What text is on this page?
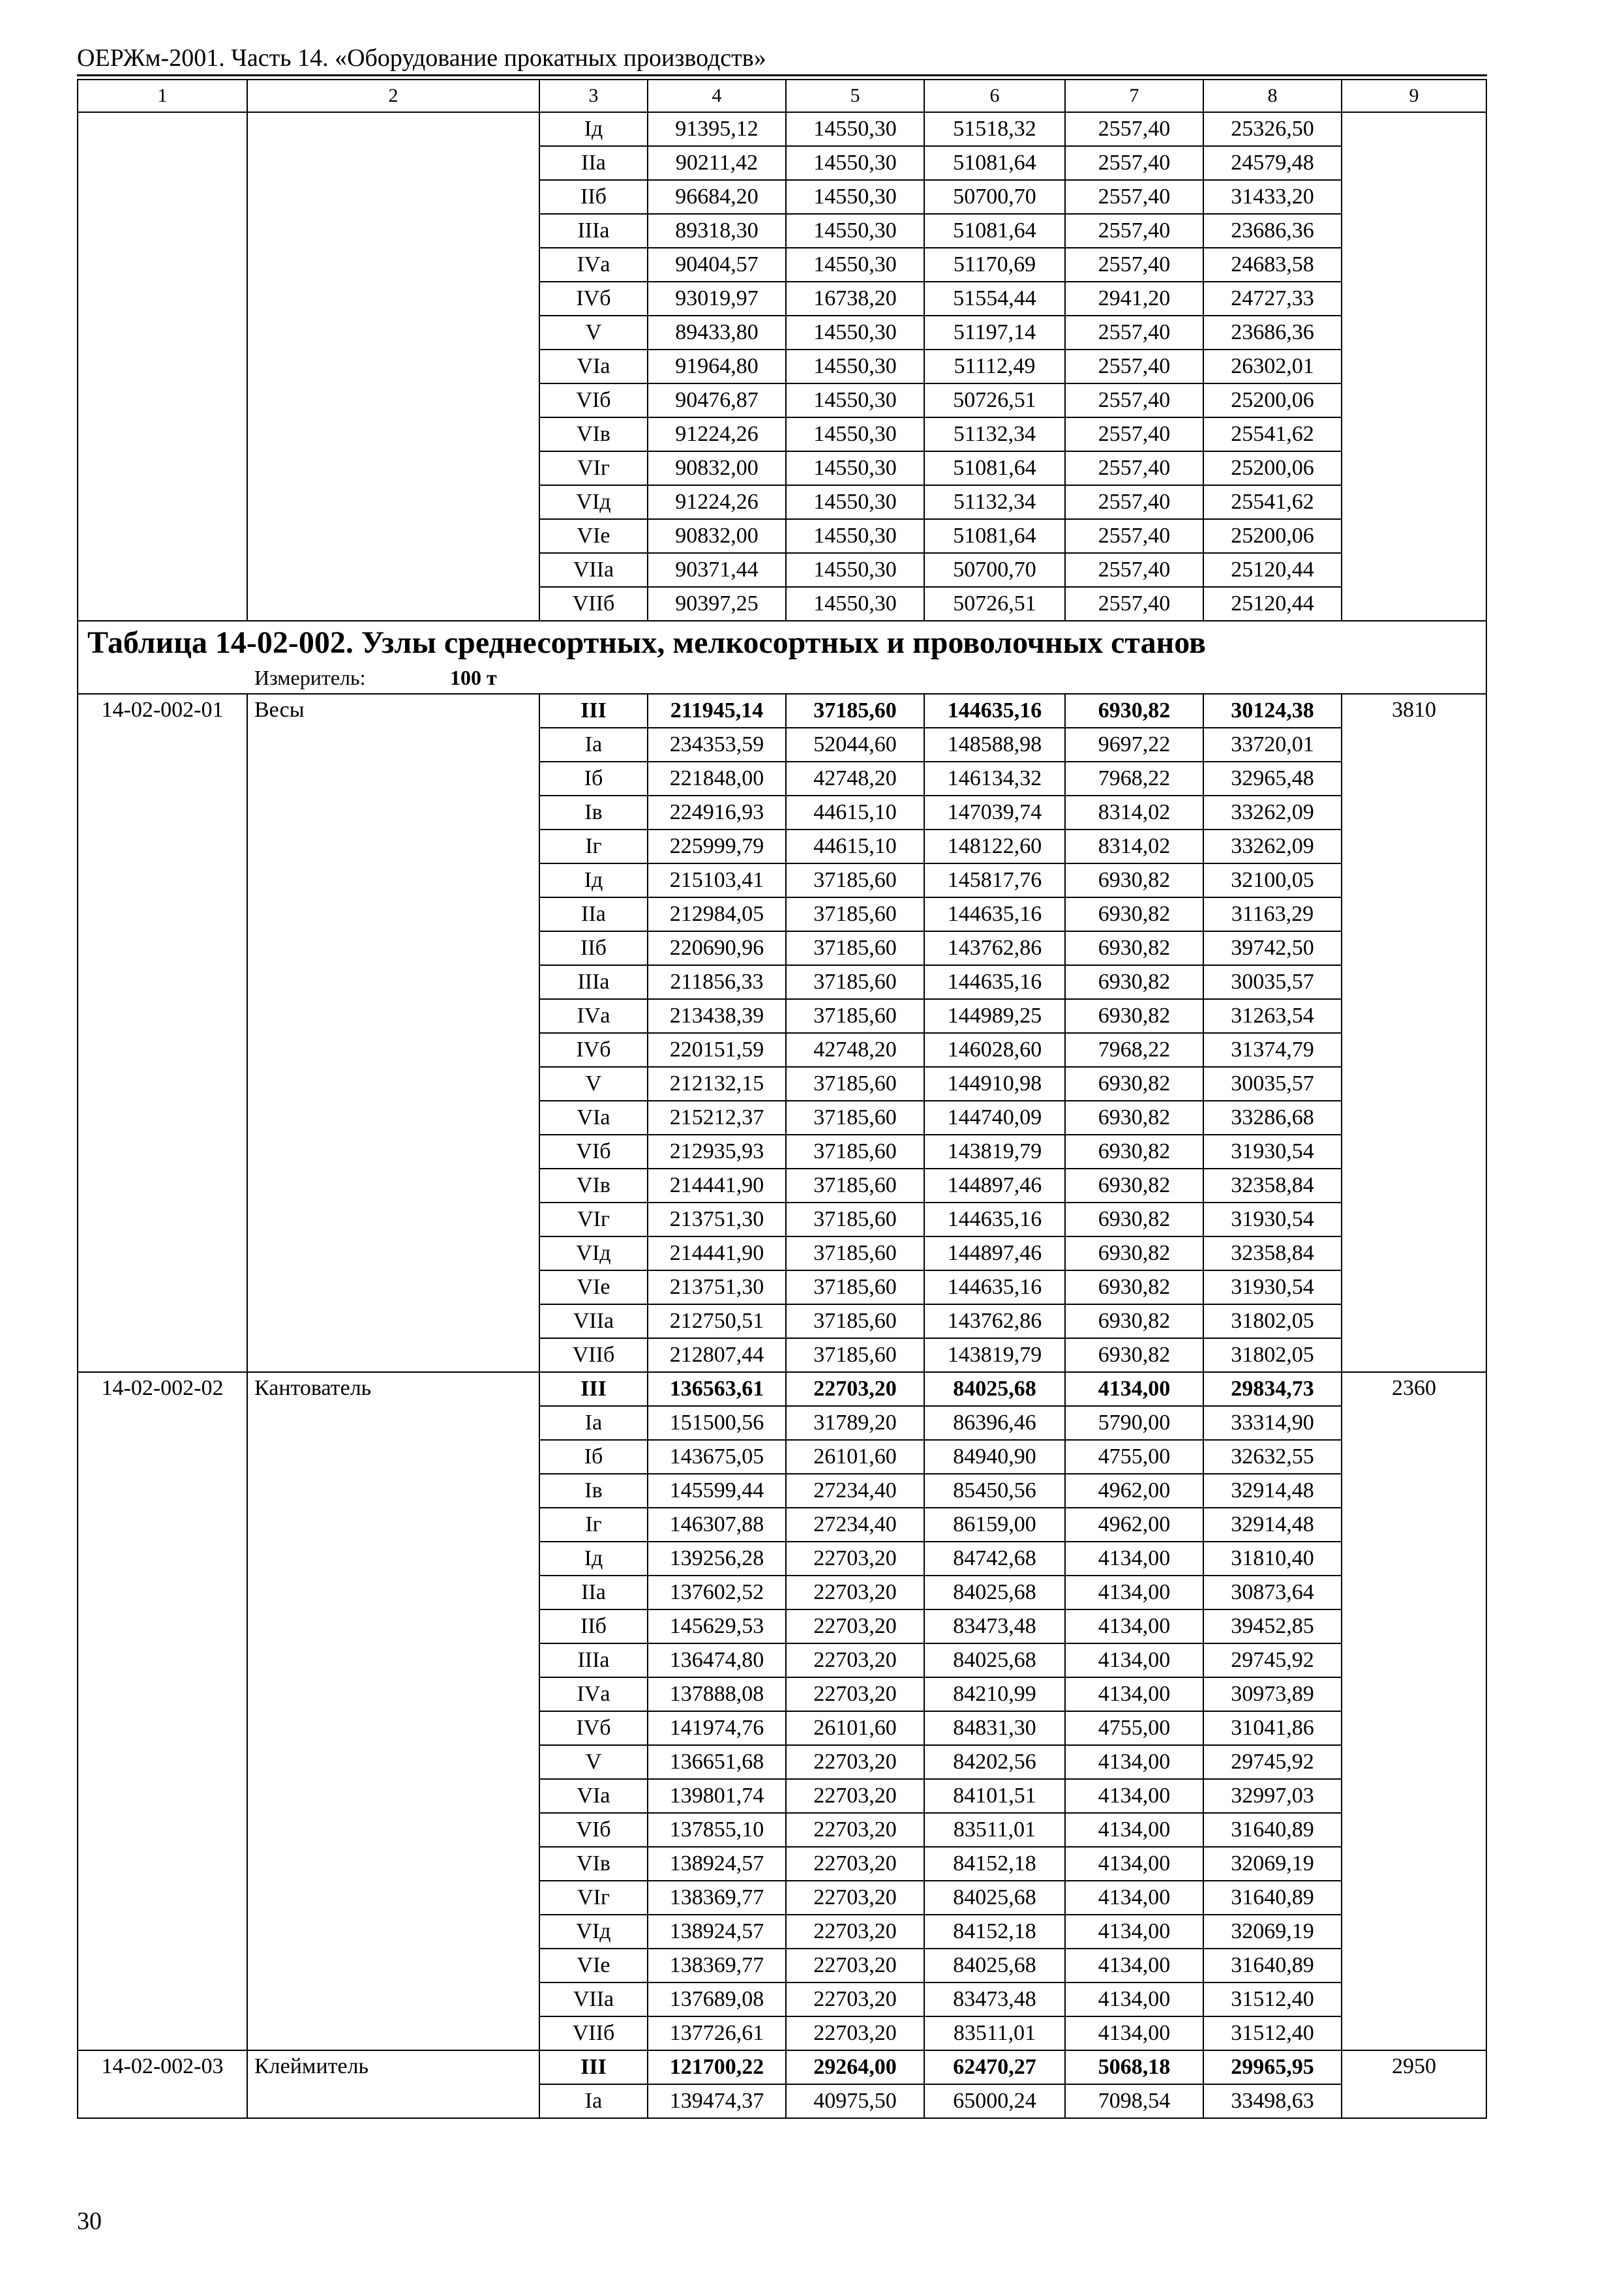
ОЕРЖм-2001. Часть 14. «Оборудование прокатных производств»
1	2	3	4	5	6	7	8	9
		Iд	91395,12	14550,30	51518,32	2557,40	25326,50	
		IIа	90211,42	14550,30	51081,64	2557,40	24579,48	
		IIб	96684,20	14550,30	50700,70	2557,40	31433,20	
		IIIа	89318,30	14550,30	51081,64	2557,40	23686,36	
		IVа	90404,57	14550,30	51170,69	2557,40	24683,58	
		IVб	93019,97	16738,20	51554,44	2941,20	24727,33	
		V	89433,80	14550,30	51197,14	2557,40	23686,36	
		VIа	91964,80	14550,30	51112,49	2557,40	26302,01	
		VIб	90476,87	14550,30	50726,51	2557,40	25200,06	
		VIв	91224,26	14550,30	51132,34	2557,40	25541,62	
		VIг	90832,00	14550,30	51081,64	2557,40	25200,06	
		VIд	91224,26	14550,30	51132,34	2557,40	25541,62	
		VIе	90832,00	14550,30	51081,64	2557,40	25200,06	
		VIIа	90371,44	14550,30	50700,70	2557,40	25120,44	
		VIIб	90397,25	14550,30	50726,51	2557,40	25120,44	

Таблица 14-02-002. Узлы среднесортных, мелкосортных и проволочных станов
Измеритель: 100 т								

14-02-002-01	Весы	III	211945,14	37185,60	144635,16	6930,82	30124,38	3810
		Iа	234353,59	52044,60	148588,98	9697,22	33720,01	
		Iб	221848,00	42748,20	146134,32	7968,22	32965,48	
		Iв	224916,93	44615,10	147039,74	8314,02	33262,09	
		Iг	225999,79	44615,10	148122,60	8314,02	33262,09	
		Iд	215103,41	37185,60	145817,76	6930,82	32100,05	
		IIа	212984,05	37185,60	144635,16	6930,82	31163,29	
		IIб	220690,96	37185,60	143762,86	6930,82	39742,50	
		IIIа	211856,33	37185,60	144635,16	6930,82	30035,57	
		IVа	213438,39	37185,60	144989,25	6930,82	31263,54	
		IVб	220151,59	42748,20	146028,60	7968,22	31374,79	
		V	212132,15	37185,60	144910,98	6930,82	30035,57	
		VIа	215212,37	37185,60	144740,09	6930,82	33286,68	
		VIб	212935,93	37185,60	143819,79	6930,82	31930,54	
		VIв	214441,90	37185,60	144897,46	6930,82	32358,84	
		VIг	213751,30	37185,60	144635,16	6930,82	31930,54	
		VIд	214441,90	37185,60	144897,46	6930,82	32358,84	
		VIе	213751,30	37185,60	144635,16	6930,82	31930,54	
		VIIа	212750,51	37185,60	143762,86	6930,82	31802,05	
		VIIб	212807,44	37185,60	143819,79	6930,82	31802,05	
14-02-002-02	Кантователь	III	136563,61	22703,20	84025,68	4134,00	29834,73	2360
		Iа	151500,56	31789,20	86396,46	5790,00	33314,90	
		Iб	143675,05	26101,60	84940,90	4755,00	32632,55	
		Iв	145599,44	27234,40	85450,56	4962,00	32914,48	
		Iг	146307,88	27234,40	86159,00	4962,00	32914,48	
		Iд	139256,28	22703,20	84742,68	4134,00	31810,40	
		IIа	137602,52	22703,20	84025,68	4134,00	30873,64	
		IIб	145629,53	22703,20	83473,48	4134,00	39452,85	
		IIIа	136474,80	22703,20	84025,68	4134,00	29745,92	
		IVа	137888,08	22703,20	84210,99	4134,00	30973,89	
		IVб	141974,76	26101,60	84831,30	4755,00	31041,86	
		V	136651,68	22703,20	84202,56	4134,00	29745,92	
		VIа	139801,74	22703,20	84101,51	4134,00	32997,03	
		VIб	137855,10	22703,20	83511,01	4134,00	31640,89	
		VIв	138924,57	22703,20	84152,18	4134,00	32069,19	
		VIг	138369,77	22703,20	84025,68	4134,00	31640,89	
		VIд	138924,57	22703,20	84152,18	4134,00	32069,19	
		VIе	138369,77	22703,20	84025,68	4134,00	31640,89	
		VIIа	137689,08	22703,20	83473,48	4134,00	31512,40	
		VIIб	137726,61	22703,20	83511,01	4134,00	31512,40	
14-02-002-03	Клеймитель	III	121700,22	29264,00	62470,27	5068,18	29965,95	2950
		Iа	139474,37	40975,50	65000,24	7098,54	33498,63	
30
